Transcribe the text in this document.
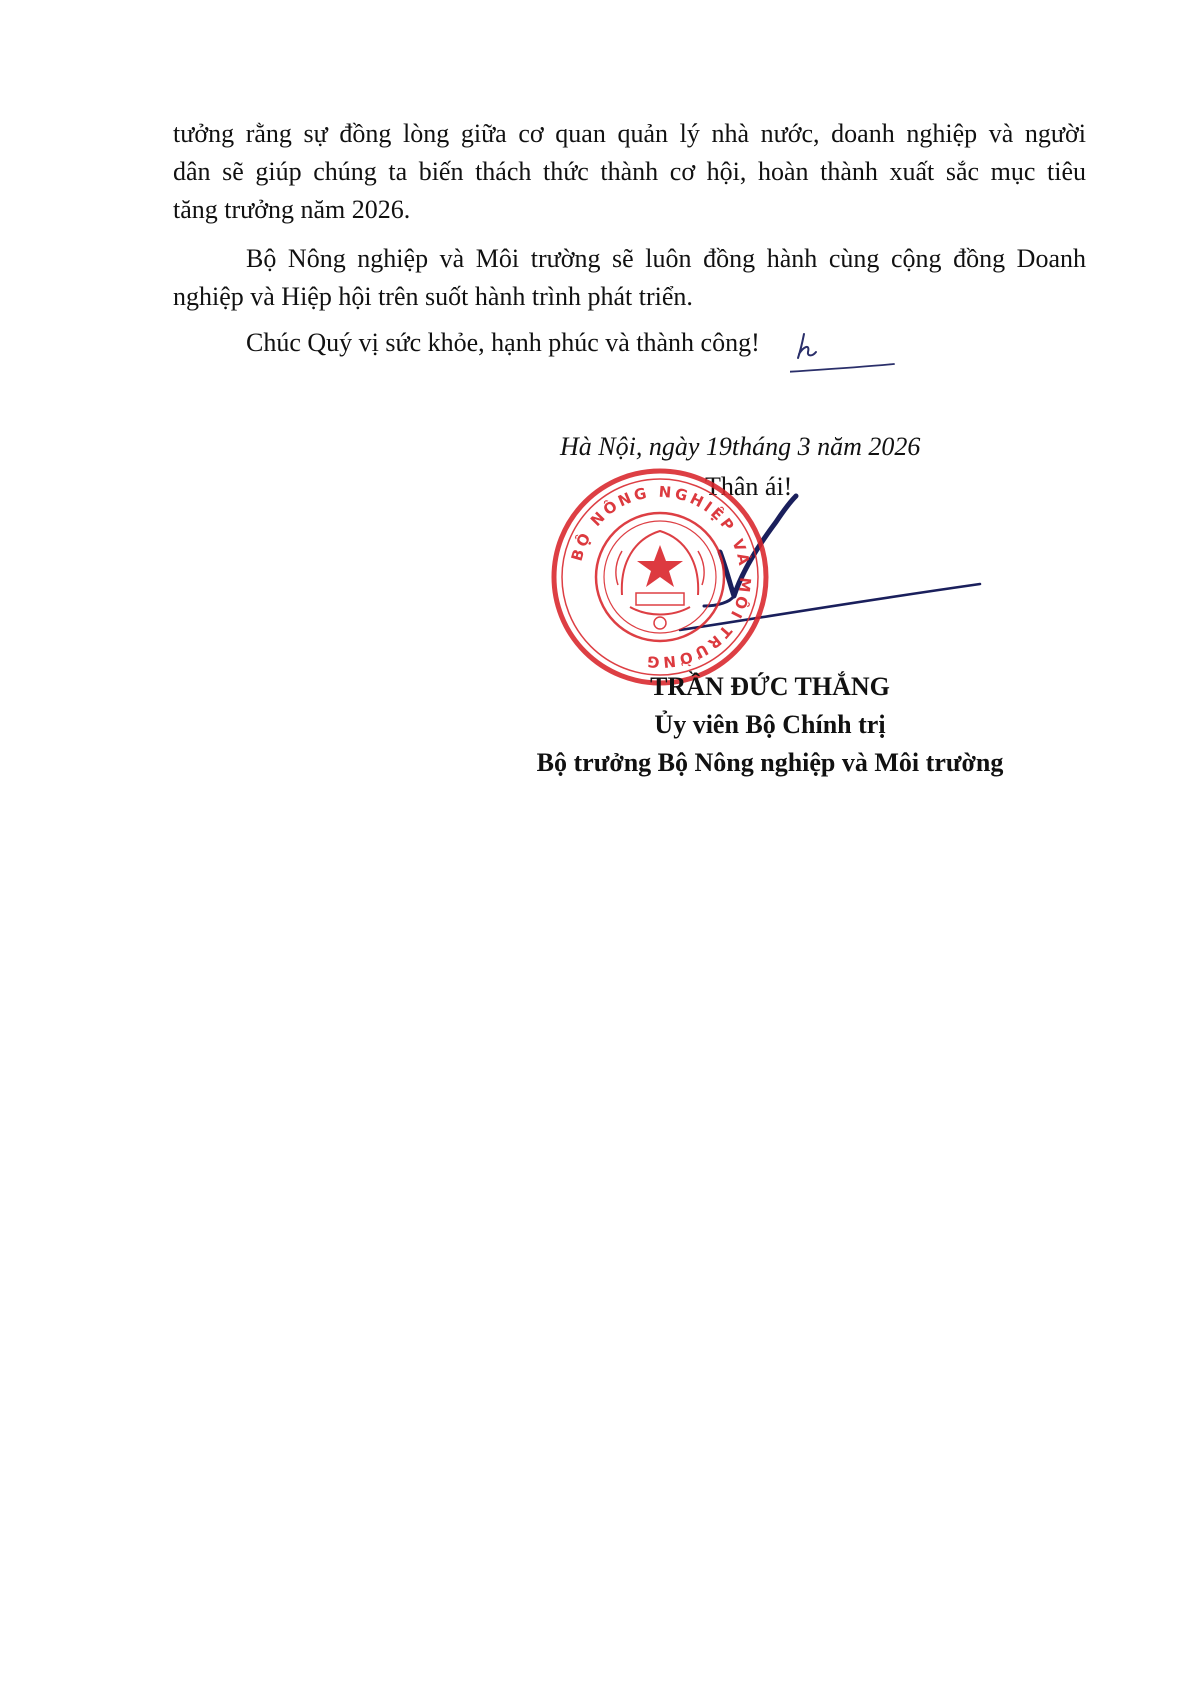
tưởng rằng sự đồng lòng giữa cơ quan quản lý nhà nước, doanh nghiệp và người
dân sẽ giúp chúng ta biến thách thức thành cơ hội, hoàn thành xuất sắc mục tiêu
tăng trưởng năm 2026.

Bộ Nông nghiệp và Môi trường sẽ luôn đồng hành cùng cộng đồng Doanh nghiệp và Hiệp hội trên suốt hành trình phát triển.

Chúc Quý vị sức khỏe, hạnh phúc và thành công!

Hà Nội, ngày 19tháng 3 năm 2026
Thân ái!
BỘ NÔNG NGHIỆP VÀ MÔI TRƯỜNG
TRẦN ĐỨC THẮNG
Ủy viên Bộ Chính trị
Bộ trưởng Bộ Nông nghiệp và Môi trường
